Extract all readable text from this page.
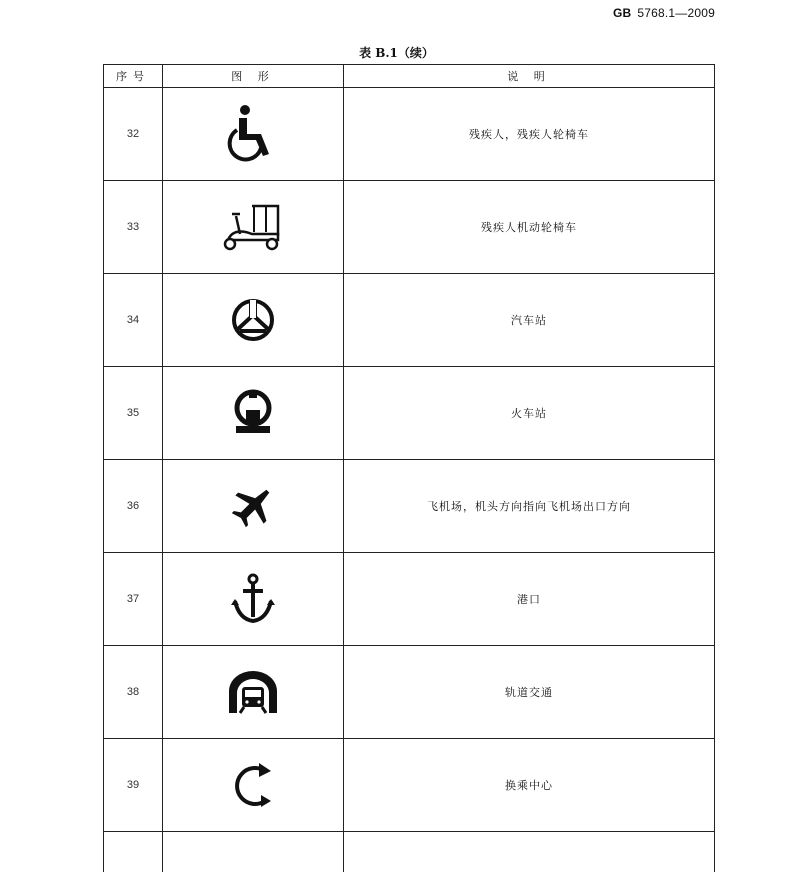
GB 5768.1—2009
表 B.1（续）
序号	图 形	说 明
32		残疾人，残疾人轮椅车
33		残疾人机动轮椅车
34		汽车站
35		火车站
36		飞机场，机头方向指向飞机场出口方向
37		港口
38		轨道交通
39		换乘中心
